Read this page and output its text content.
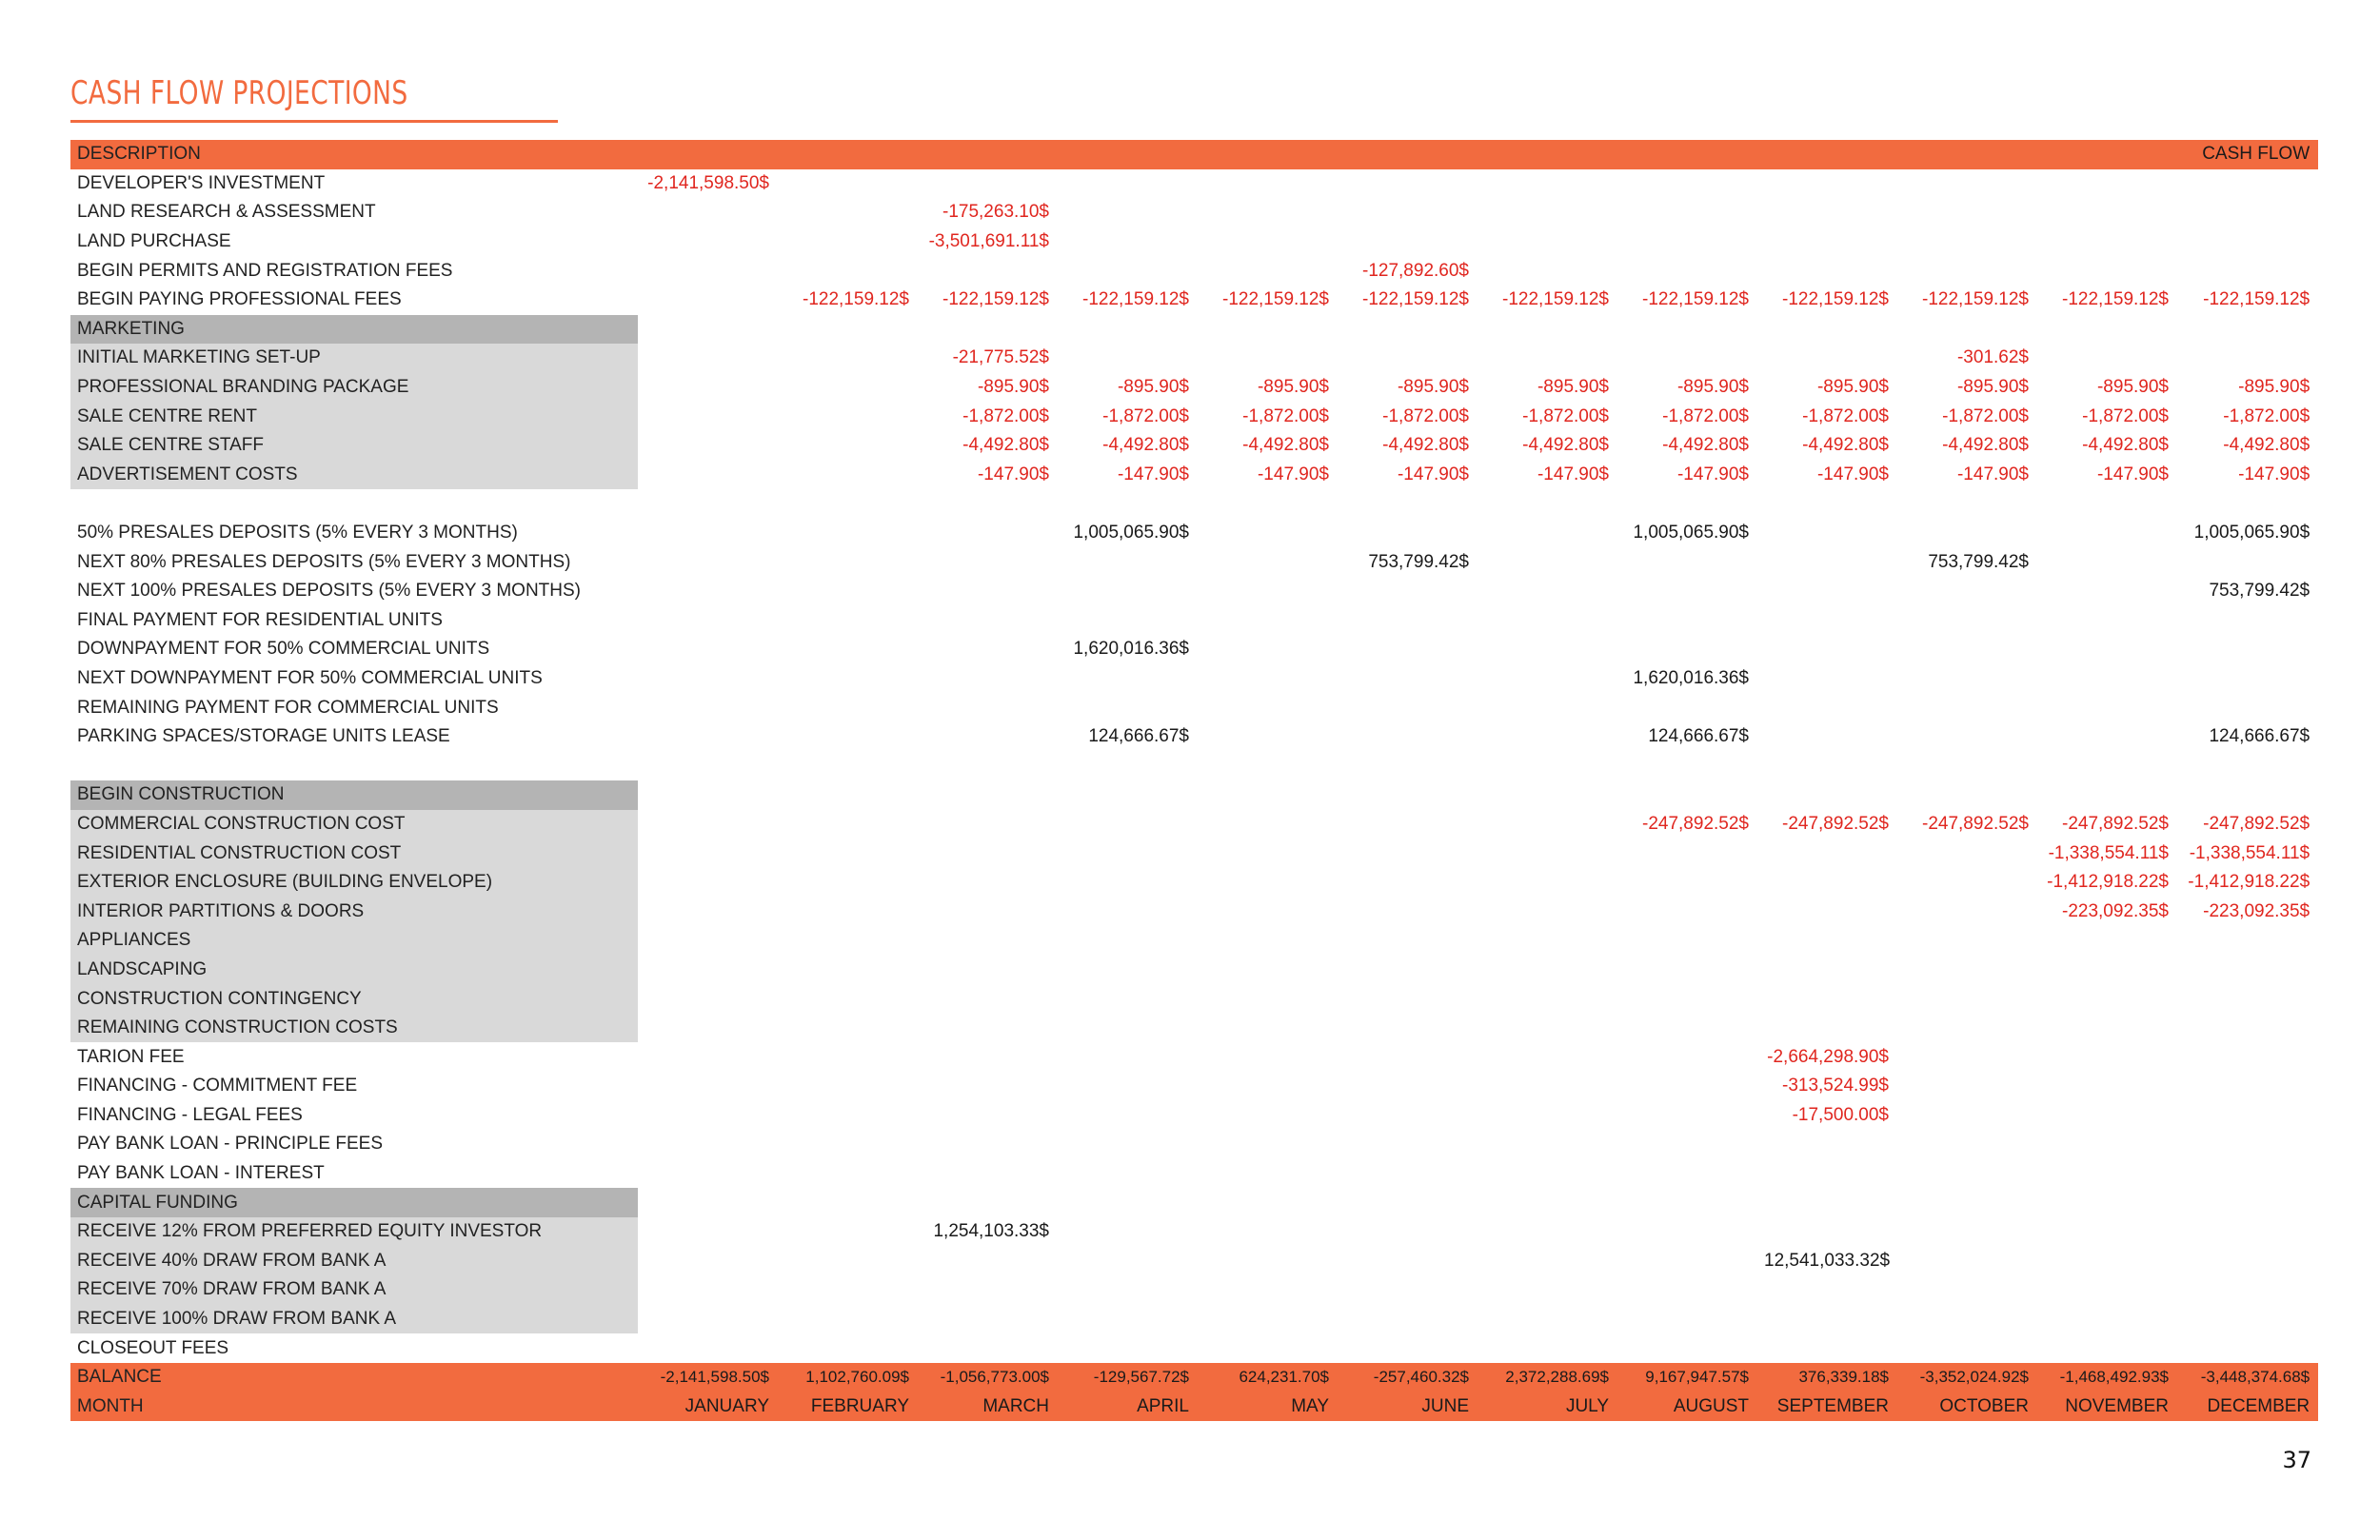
CASH FLOW PROJECTIONS
DESCRIPTION	CASH FLOW											
DEVELOPER'S INVESTMENT	-2,141,598.50$											
LAND RESEARCH & ASSESSMENT			-175,263.10$									
LAND PURCHASE			-3,501,691.11$									
BEGIN PERMITS AND REGISTRATION FEES						-127,892.60$						
BEGIN PAYING PROFESSIONAL FEES		-122,159.12$	-122,159.12$	-122,159.12$	-122,159.12$	-122,159.12$	-122,159.12$	-122,159.12$	-122,159.12$	-122,159.12$	-122,159.12$	-122,159.12$
MARKETING												
INITIAL MARKETING SET-UP			-21,775.52$							-301.62$		
PROFESSIONAL BRANDING PACKAGE			-895.90$	-895.90$	-895.90$	-895.90$	-895.90$	-895.90$	-895.90$	-895.90$	-895.90$	-895.90$
SALE CENTRE RENT			-1,872.00$	-1,872.00$	-1,872.00$	-1,872.00$	-1,872.00$	-1,872.00$	-1,872.00$	-1,872.00$	-1,872.00$	-1,872.00$
SALE CENTRE STAFF			-4,492.80$	-4,492.80$	-4,492.80$	-4,492.80$	-4,492.80$	-4,492.80$	-4,492.80$	-4,492.80$	-4,492.80$	-4,492.80$
ADVERTISEMENT COSTS			-147.90$	-147.90$	-147.90$	-147.90$	-147.90$	-147.90$	-147.90$	-147.90$	-147.90$	-147.90$

50% PRESALES DEPOSITS (5% EVERY 3 MONTHS)				1,005,065.90$				1,005,065.90$				1,005,065.90$
NEXT 80% PRESALES DEPOSITS (5% EVERY 3 MONTHS)						753,799.42$				753,799.42$		
NEXT 100% PRESALES DEPOSITS (5% EVERY 3 MONTHS)												753,799.42$
FINAL PAYMENT FOR RESIDENTIAL UNITS												
DOWNPAYMENT FOR 50% COMMERCIAL UNITS				1,620,016.36$								
NEXT DOWNPAYMENT FOR 50% COMMERCIAL UNITS								1,620,016.36$				
REMAINING PAYMENT FOR COMMERCIAL UNITS												
PARKING SPACES/STORAGE UNITS LEASE				124,666.67$				124,666.67$				124,666.67$

BEGIN CONSTRUCTION												
COMMERCIAL CONSTRUCTION COST								-247,892.52$	-247,892.52$	-247,892.52$	-247,892.52$	-247,892.52$
RESIDENTIAL CONSTRUCTION COST											-1,338,554.11$	-1,338,554.11$
EXTERIOR ENCLOSURE (BUILDING ENVELOPE)											-1,412,918.22$	-1,412,918.22$
INTERIOR PARTITIONS & DOORS											-223,092.35$	-223,092.35$
APPLIANCES												
LANDSCAPING												
CONSTRUCTION CONTINGENCY												
REMAINING CONSTRUCTION COSTS												
TARION FEE									-2,664,298.90$			
FINANCING - COMMITMENT FEE									-313,524.99$			
FINANCING - LEGAL FEES									-17,500.00$			
PAY BANK LOAN - PRINCIPLE FEES												
PAY BANK LOAN - INTEREST												
CAPITAL FUNDING												
RECEIVE 12% FROM PREFERRED EQUITY INVESTOR			1,254,103.33$									
RECEIVE 40% DRAW FROM BANK A									12,541,033.32$			
RECEIVE 70% DRAW FROM BANK A												
RECEIVE 100% DRAW FROM BANK A												
CLOSEOUT FEES												
BALANCE	-2,141,598.50$	1,102,760.09$	-1,056,773.00$	-129,567.72$	624,231.70$	-257,460.32$	2,372,288.69$	9,167,947.57$	376,339.18$	-3,352,024.92$	-1,468,492.93$	-3,448,374.68$
MONTH	JANUARY	FEBRUARY	MARCH	APRIL	MAY	JUNE	JULY	AUGUST	SEPTEMBER	OCTOBER	NOVEMBER	DECEMBER
37
